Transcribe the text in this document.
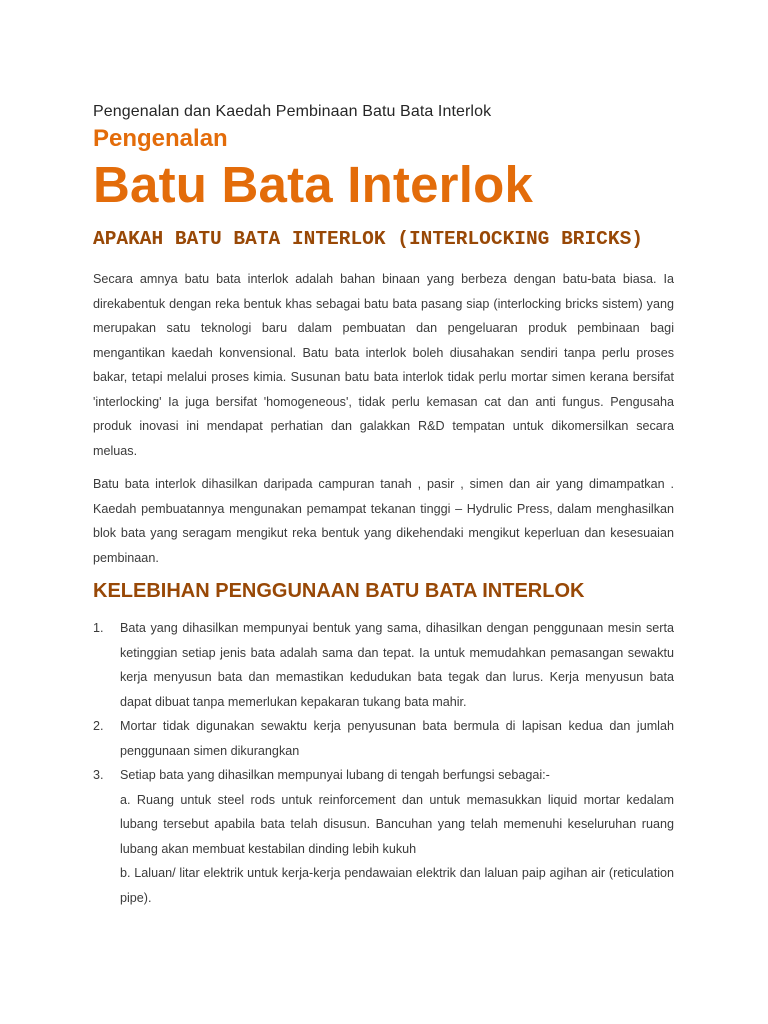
Pengenalan dan Kaedah Pembinaan Batu Bata Interlok

Pengenalan

Batu Bata Interlok

APAKAH BATU BATA INTERLOK (INTERLOCKING BRICKS)

Secara amnya batu bata interlok adalah bahan binaan yang berbeza dengan batu-bata biasa. Ia direkabentuk dengan reka bentuk khas sebagai batu bata pasang siap (interlocking bricks sistem) yang merupakan satu teknologi baru dalam pembuatan dan pengeluaran produk pembinaan bagi mengantikan kaedah konvensional. Batu bata interlok boleh diusahakan sendiri tanpa perlu proses bakar, tetapi melalui proses kimia. Susunan batu bata interlok tidak perlu mortar simen kerana bersifat 'interlocking' Ia juga bersifat 'homogeneous', tidak perlu kemasan cat dan anti fungus. Pengusaha produk inovasi ini mendapat perhatian dan galakkan R&D tempatan untuk dikomersilkan secara meluas.

Batu bata interlok dihasilkan daripada campuran tanah , pasir , simen dan air yang dimampatkan . Kaedah pembuatannya mengunakan pemampat tekanan tinggi – Hydrulic Press, dalam menghasilkan blok bata yang seragam mengikut reka bentuk yang dikehendaki mengikut keperluan dan kesesuaian pembinaan.

KELEBIHAN PENGGUNAAN BATU BATA INTERLOK

1. Bata yang dihasilkan mempunyai bentuk yang sama, dihasilkan dengan penggunaan mesin serta ketinggian setiap jenis bata adalah sama dan tepat. Ia untuk memudahkan pemasangan sewaktu kerja menyusun bata dan memastikan kedudukan bata tegak dan lurus. Kerja menyusun bata dapat dibuat tanpa memerlukan kepakaran tukang bata mahir.
2. Mortar tidak digunakan sewaktu kerja penyusunan bata bermula di lapisan kedua dan jumlah penggunaan simen dikurangkan
3. Setiap bata yang dihasilkan mempunyai lubang di tengah berfungsi sebagai:-
a. Ruang untuk steel rods untuk reinforcement dan untuk memasukkan liquid mortar kedalam lubang tersebut apabila bata telah disusun. Bancuhan yang telah memenuhi keseluruhan ruang lubang akan membuat kestabilan dinding lebih kukuh
b. Laluan/ litar elektrik untuk kerja-kerja pendawaian elektrik dan laluan paip agihan air (reticulation pipe).
